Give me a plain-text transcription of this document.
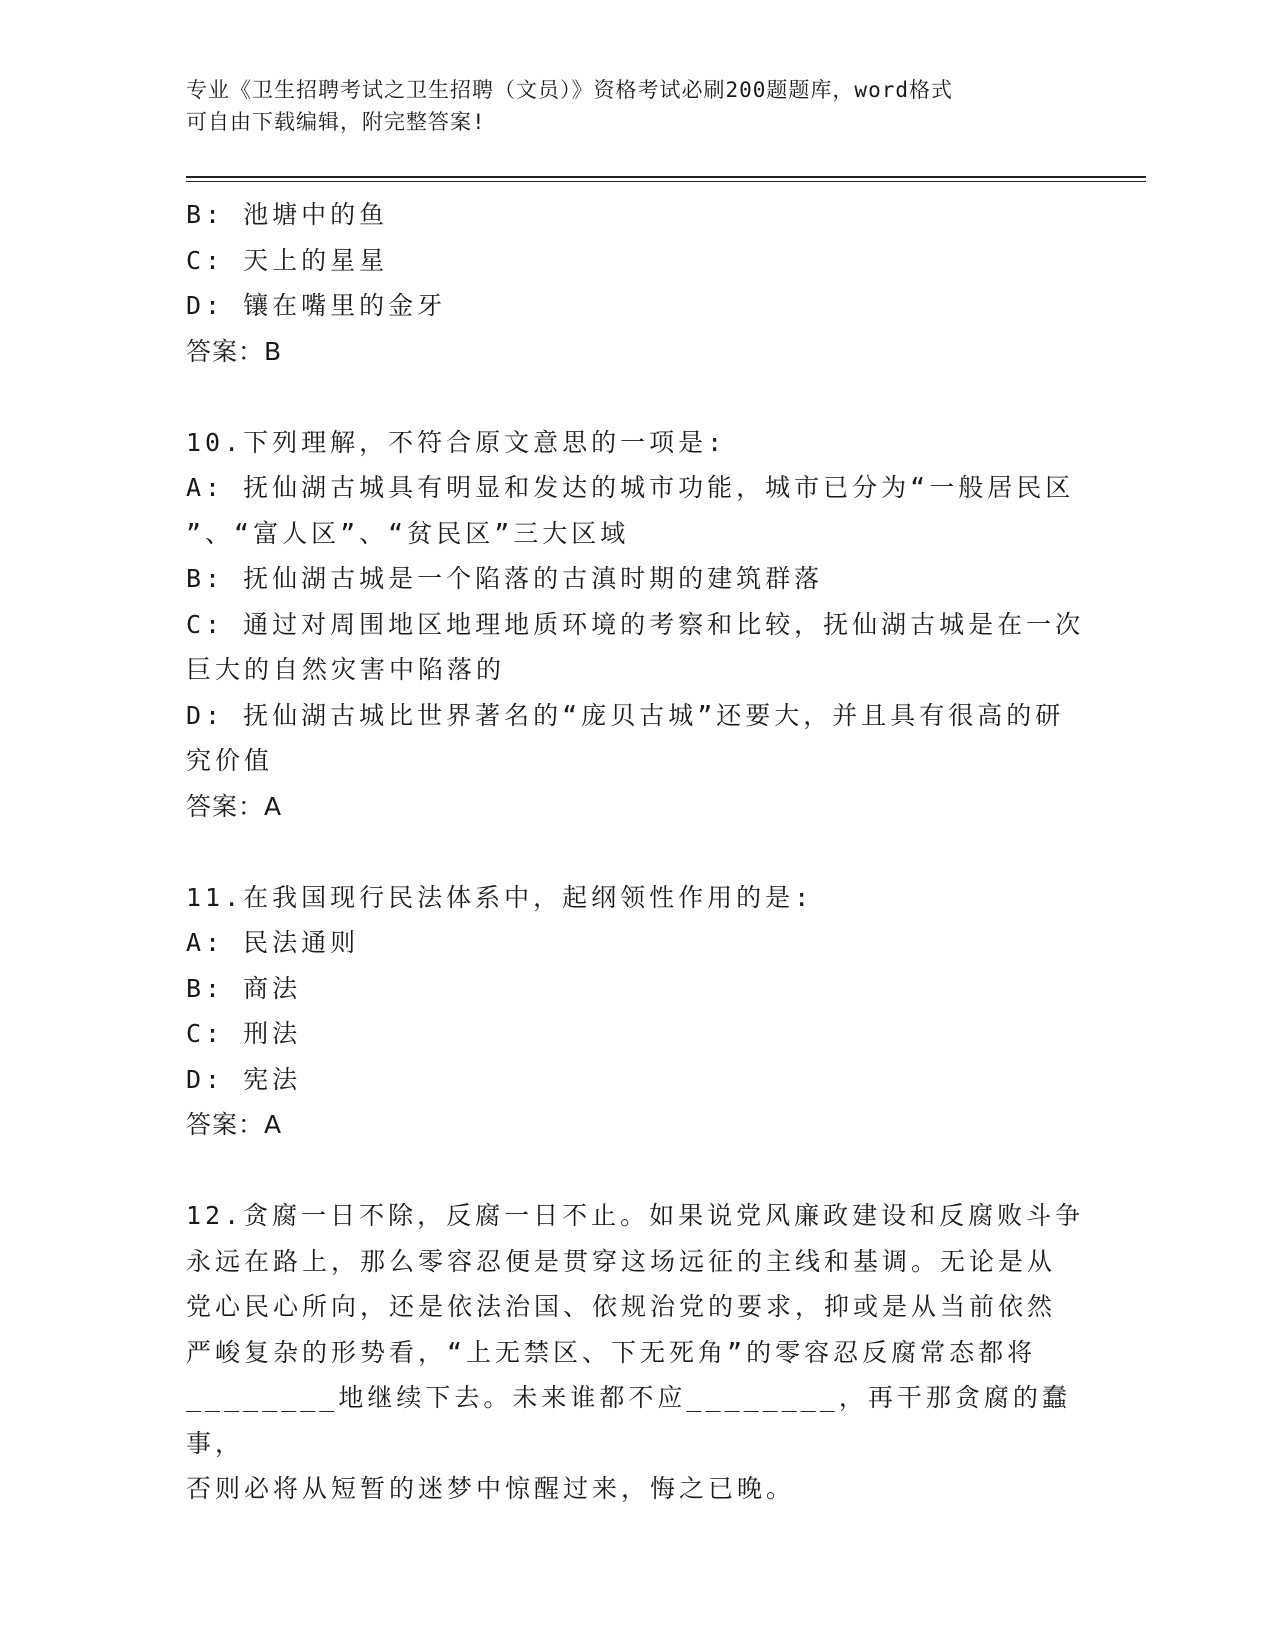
专业《卫生招聘考试之卫生招聘（文员）》资格考试必刷200题题库，word格式
可自由下载编辑，附完整答案!

B: 池塘中的鱼

C: 天上的星星

D: 镶在嘴里的金牙

答案：B

10.下列理解，不符合原文意思的一项是:

A: 抚仙湖古城具有明显和发达的城市功能，城市已分为“一般居民区

”、“富人区”、“贫民区”三大区域

B: 抚仙湖古城是一个陷落的古滇时期的建筑群落

C: 通过对周围地区地理地质环境的考察和比较，抚仙湖古城是在一次

巨大的自然灾害中陷落的

D: 抚仙湖古城比世界著名的“庞贝古城”还要大，并且具有很高的研

究价值

答案：A

11.在我国现行民法体系中，起纲领性作用的是:

A: 民法通则

B: 商法

C: 刑法

D: 宪法

答案：A

12.贪腐一日不除，反腐一日不止。如果说党风廉政建设和反腐败斗争

永远在路上，那么零容忍便是贯穿这场远征的主线和基调。无论是从

党心民心所向，还是依法治国、依规治党的要求，抑或是从当前依然

严峻复杂的形势看，“上无禁区、下无死角”的零容忍反腐常态都将

________地继续下去。未来谁都不应________，再干那贪腐的蠢事，

否则必将从短暂的迷梦中惊醒过来，悔之已晚。
